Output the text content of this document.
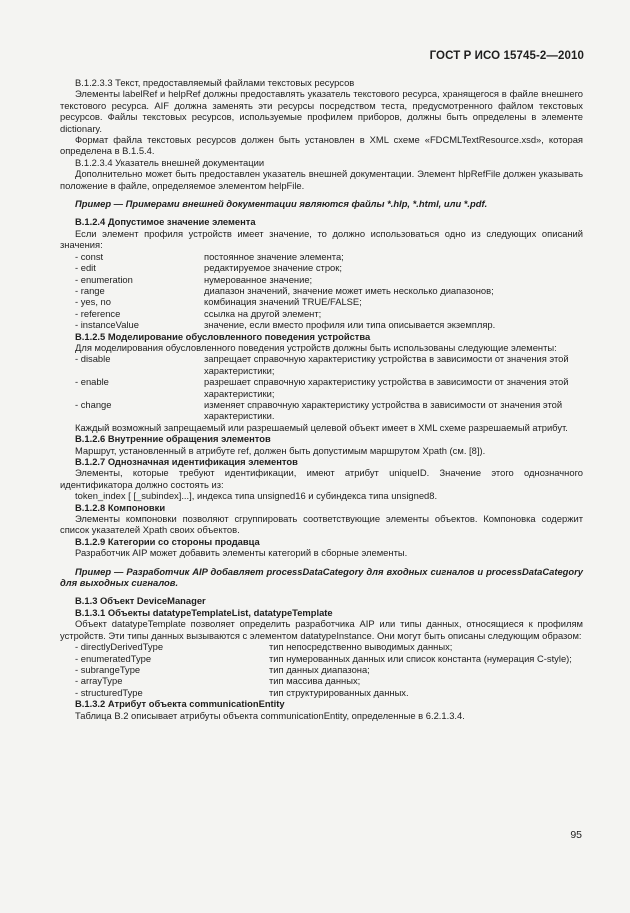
ГОСТ Р ИСО 15745-2—2010

B.1.2.3.3 Текст, предоставляемый файлами текстовых ресурсов

Элементы labelRef и helpRef должны предоставлять указатель текстового ресурса, хранящегося в файле внешнего текстового ресурса. AIF должна заменять эти ресурсы посредством теста, предусмотренного файлом текстовых ресурсов. Файлы текстовых ресурсов, используемые профилем приборов, должны быть определены в элементе dictionary.

Формат файла текстовых ресурсов должен быть установлен в XML схеме «FDCMLTextResource.xsd», которая определена в B.1.5.4.

B.1.2.3.4 Указатель внешней документации

Дополнительно может быть предоставлен указатель внешней документации. Элемент hlpRefFile должен указывать положение в файле, определяемое элементом helpFile.

Пример — Примерами внешней документации являются файлы *.hlp, *.html, или *.pdf.

B.1.2.4 Допустимое значение элемента

Если элемент профиля устройств имеет значение, то должно использоваться одно из следующих описаний значения:

- const	постоянное значение элемента;
- edit	редактируемое значение строк;
- enumeration	нумерованное значение;
- range	диапазон значений, значение может иметь несколько диапазонов;
- yes, no	комбинация значений TRUE/FALSE;
- reference	ссылка на другой элемент;
- instanceValue	значение, если вместо профиля или типа описывается экземпляр.

B.1.2.5 Моделирование обусловленного поведения устройства

Для моделирования обусловленного поведения устройств должны быть использованы следующие элементы:

- disable	запрещает справочную характеристику устройства в зависимости от значения этой характеристики;
- enable	разрешает справочную характеристику устройства в зависимости от значения этой характеристики;
- change	изменяет справочную характеристику устройства в зависимости от значения этой характеристики.

Каждый возможный запрещаемый или разрешаемый целевой объект имеет в XML схеме разрешаемый атрибут.

B.1.2.6 Внутренние обращения элементов

Маршрут, установленный в атрибуте ref, должен быть допустимым маршрутом Xpath (см. [8]).

B.1.2.7 Однозначная идентификация элементов

Элементы, которые требуют идентификации, имеют атрибут uniqueID. Значение этого однозначного идентификатора должно состоять из:

token_index [ [_subindex]...], индекса типа unsigned16 и субиндекса типа unsigned8.

B.1.2.8 Компоновки

Элементы компоновки позволяют сгруппировать соответствующие элементы объектов. Компоновка содержит список указателей Xpath своих объектов.

B.1.2.9 Категории со стороны продавца

Разработчик AIP может добавить элементы категорий в сборные элементы.

Пример — Разработчик AIP добавляет processDataCategory для входных сигналов и processDataCategory для выходных сигналов.

B.1.3 Объект DeviceManager

B.1.3.1 Объекты datatypeTemplateList, datatypeTemplate

Объект datatypeTemplate позволяет определить разработчика AIP или типы данных, относящиеся к профилям устройств. Эти типы данных вызываются с элементом datatypeInstance. Они могут быть описаны следующим образом:

- directlyDerivedType	тип непосредственно выводимых данных;
- enumeratedType	тип нумерованных данных или список константа (нумерация C-style);
- subrangeType	тип данных диапазона;
- arrayType	тип массива данных;
- structuredType	тип структурированных данных.

B.1.3.2 Атрибут объекта communicationEntity

Таблица B.2 описывает атрибуты объекта communicationEntity, определенные в 6.2.1.3.4.

95
